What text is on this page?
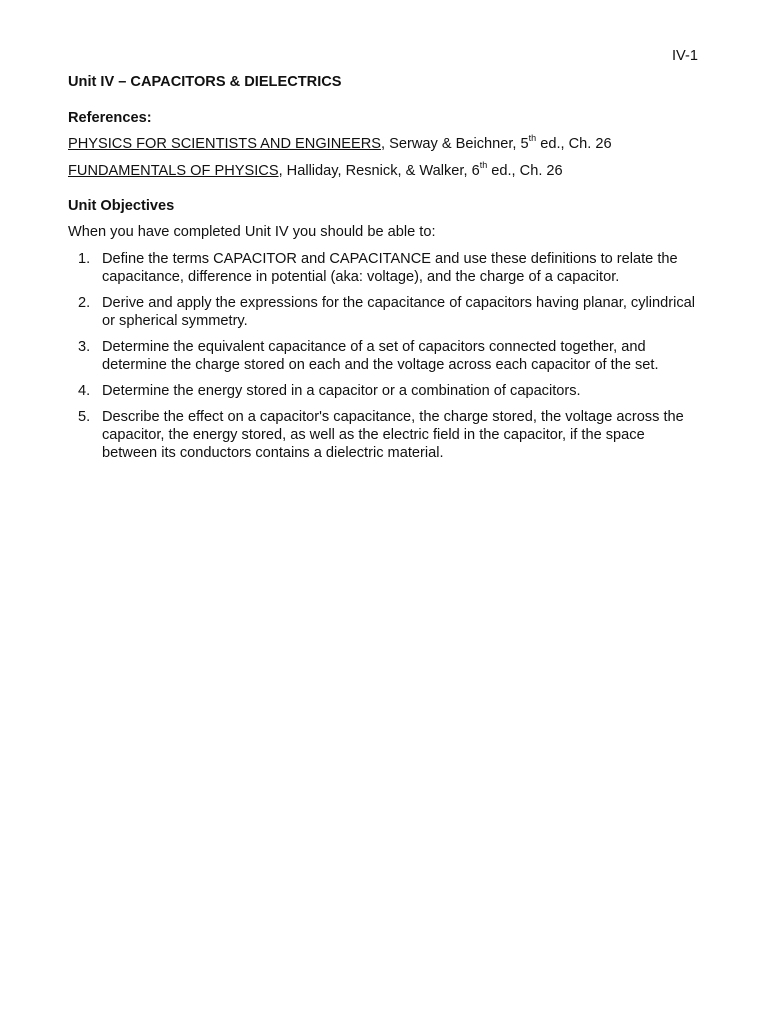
IV-1
Unit IV – CAPACITORS & DIELECTRICS
References:
PHYSICS FOR SCIENTISTS AND ENGINEERS, Serway & Beichner, 5th ed., Ch. 26
FUNDAMENTALS OF PHYSICS, Halliday, Resnick, & Walker, 6th ed., Ch. 26
Unit Objectives
When you have completed Unit IV you should be able to:
1. Define the terms CAPACITOR and CAPACITANCE and use these definitions to relate the capacitance, difference in potential (aka: voltage), and the charge of a capacitor.
2. Derive and apply the expressions for the capacitance of capacitors having planar, cylindrical or spherical symmetry.
3. Determine the equivalent capacitance of a set of capacitors connected together, and determine the charge stored on each and the voltage across each capacitor of the set.
4. Determine the energy stored in a capacitor or a combination of capacitors.
5. Describe the effect on a capacitor's capacitance, the charge stored, the voltage across the capacitor, the energy stored, as well as the electric field in the capacitor, if the space between its conductors contains a dielectric material.
